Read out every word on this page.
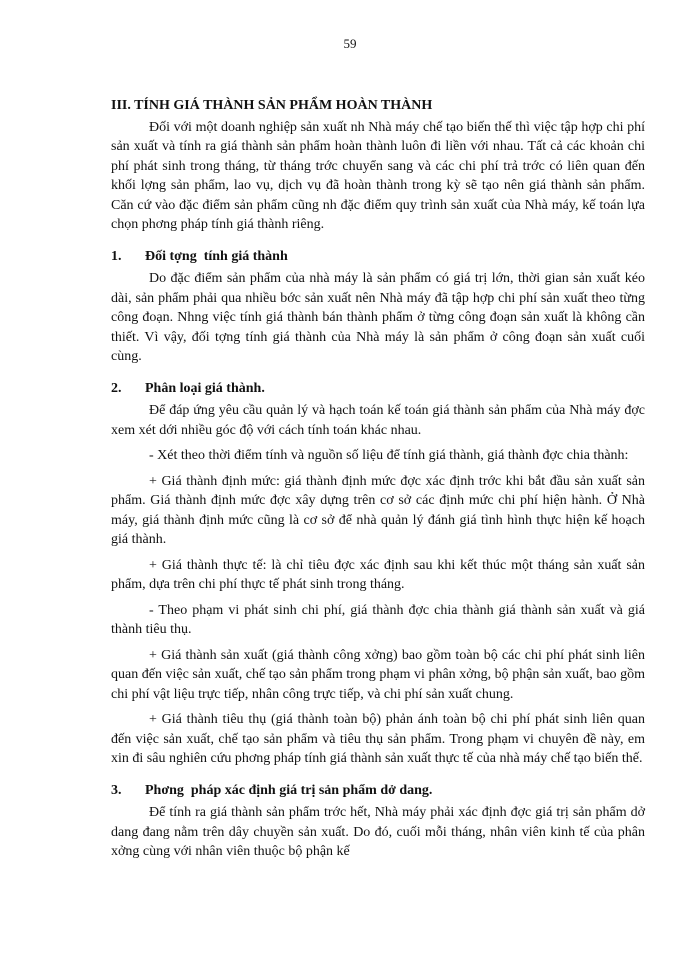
59

III. TÍNH GIÁ THÀNH SẢN PHẨM HOÀN THÀNH

Đối với một doanh nghiệp sản xuất nh Nhà máy chế tạo biến thế thì việc tập hợp chi phí sản xuất và tính ra giá thành sản phẩm hoàn thành luôn đi liền với nhau. Tất cả các khoản chi phí phát sinh trong tháng, từ tháng trớc chuyển sang và các chi phí trả trớc có liên quan đến khối lợng sản phẩm, lao vụ, dịch vụ đã hoàn thành trong kỳ sẽ tạo nên giá thành sản phẩm. Căn cứ vào đặc điểm sản phẩm cũng nh đặc điểm quy trình sản xuất của Nhà máy, kế toán lựa chọn phơng pháp tính giá thành riêng.

1. Đối tợng  tính giá thành

Do đặc điểm sản phẩm của nhà máy là sản phẩm có giá trị lớn, thời gian sản xuất kéo dài, sản phẩm phải qua nhiều bớc sản xuất nên Nhà máy đã tập hợp chi phí sản xuất theo từng công đoạn. Nhng việc tính giá thành bán thành phẩm ở từng công đoạn sản xuất là không cần thiết. Vì vậy, đối tợng tính giá thành của Nhà máy là sản phẩm ở công đoạn sản xuất cuối cùng.

2. Phân loại giá thành.

Để đáp ứng yêu cầu quản lý và hạch toán kế toán giá thành sản phẩm của Nhà máy đợc xem xét dới nhiều góc độ với cách tính toán khác nhau.

- Xét theo thời điểm tính và nguồn số liệu để tính giá thành, giá thành đợc chia thành:

+ Giá thành định mức: giá thành định mức đợc xác định trớc khi bắt đầu sản xuất sản phẩm. Giá thành định mức đợc xây dựng trên cơ sở các định mức chi phí hiện hành. Ở Nhà máy, giá thành định mức cũng là cơ sở để nhà quản lý đánh giá tình hình thực hiện kế hoạch giá thành.

+ Giá thành thực tế: là chỉ tiêu đợc xác định sau khi kết thúc một tháng sản xuất sản phẩm, dựa trên chi phí thực tế phát sinh trong tháng.

- Theo phạm vi phát sinh chi phí, giá thành đợc chia thành giá thành sản xuất và giá thành tiêu thụ.

+ Giá thành sản xuất (giá thành công xởng) bao gồm toàn bộ các chi phí phát sinh liên quan đến việc sản xuất, chế tạo sản phẩm trong phạm vi phân xởng, bộ phận sản xuất, bao gồm chi phí vật liệu trực tiếp, nhân công trực tiếp, và chi phí sản xuất chung.

+ Giá thành tiêu thụ (giá thành toàn bộ) phản ánh toàn bộ chi phí phát sinh liên quan đến việc sản xuất, chế tạo sản phẩm và tiêu thụ sản phẩm. Trong phạm vi chuyên đề này, em xin đi sâu nghiên cứu phơng pháp tính giá thành sản xuất thực tế của nhà máy chế tạo biến thế.

3. Phơng  pháp xác định giá trị sản phẩm dở dang.

Để tính ra giá thành sản phẩm trớc hết, Nhà máy phải xác định đợc giá trị sản phẩm dở dang đang nằm trên dây chuyền sản xuất. Do đó, cuối mỗi tháng, nhân viên kinh tế của phân xởng cùng với nhân viên thuộc bộ phận kế
